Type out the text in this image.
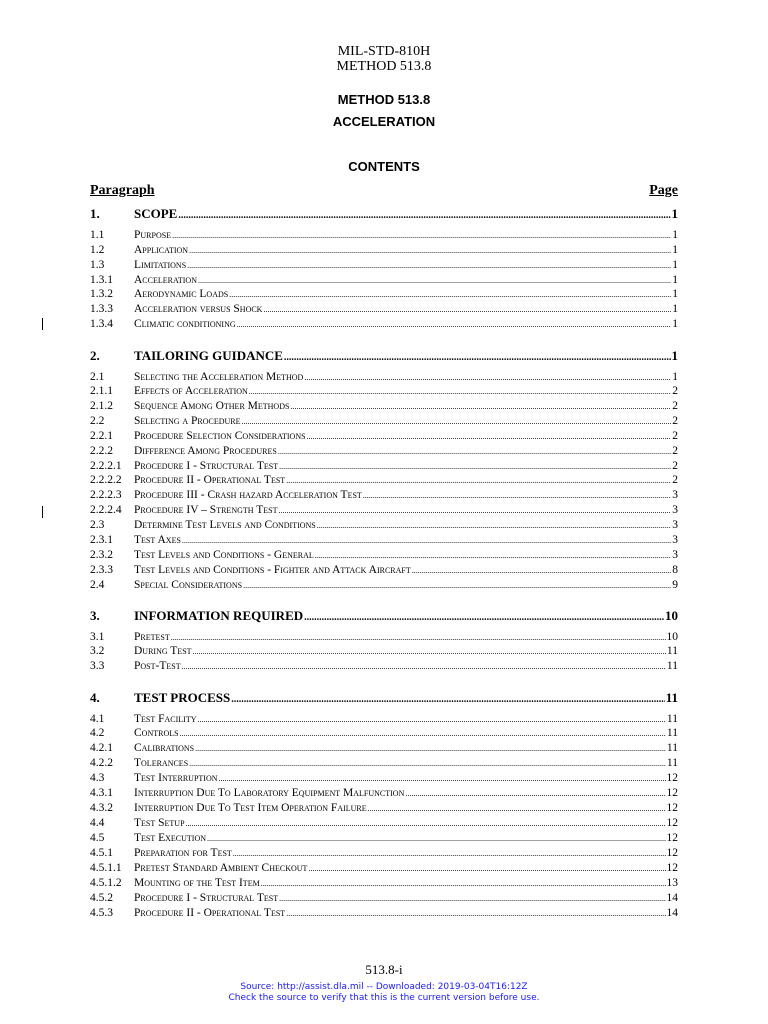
MIL-STD-810H
METHOD 513.8
METHOD 513.8
ACCELERATION
CONTENTS
Paragraph	Page
1.	SCOPE .....	1
1.1	Purpose .....	1
1.2	Application .....	1
1.3	Limitations .....	1
1.3.1	Acceleration .....	1
1.3.2	Aerodynamic Loads .....	1
1.3.3	Acceleration versus Shock .....	1
1.3.4	Climatic conditioning .....	1
2.	TAILORING GUIDANCE .....	1
2.1	Selecting the Acceleration Method .....	1
2.1.1	Effects of Acceleration .....	2
2.1.2	Sequence Among Other Methods .....	2
2.2	Selecting a Procedure .....	2
2.2.1	Procedure Selection Considerations .....	2
2.2.2	Difference Among Procedures .....	2
2.2.2.1	Procedure I - Structural Test .....	2
2.2.2.2	Procedure II - Operational Test .....	2
2.2.2.3	Procedure III - Crash hazard Acceleration Test .....	3
2.2.2.4	Procedure IV – Strength Test .....	3
2.3	Determine Test Levels and Conditions .....	3
2.3.1	Test Axes .....	3
2.3.2	Test Levels and Conditions - General .....	3
2.3.3	Test Levels and Conditions - Fighter and Attack Aircraft .....	8
2.4	Special Considerations .....	9
3.	INFORMATION REQUIRED .....	10
3.1	Pretest .....	10
3.2	During Test .....	11
3.3	Post-Test .....	11
4.	TEST PROCESS .....	11
4.1	Test Facility .....	11
4.2	Controls .....	11
4.2.1	Calibrations .....	11
4.2.2	Tolerances .....	11
4.3	Test Interruption .....	12
4.3.1	Interruption Due To Laboratory Equipment Malfunction .....	12
4.3.2	Interruption Due To Test Item Operation Failure .....	12
4.4	Test Setup .....	12
4.5	Test Execution .....	12
4.5.1	Preparation for Test .....	12
4.5.1.1	Pretest Standard Ambient Checkout .....	12
4.5.1.2	Mounting of the Test Item .....	13
4.5.2	Procedure I - Structural Test .....	14
4.5.3	Procedure II - Operational Test .....	14
513.8-i
Source: http://assist.dla.mil -- Downloaded: 2019-03-04T16:12Z
Check the source to verify that this is the current version before use.
